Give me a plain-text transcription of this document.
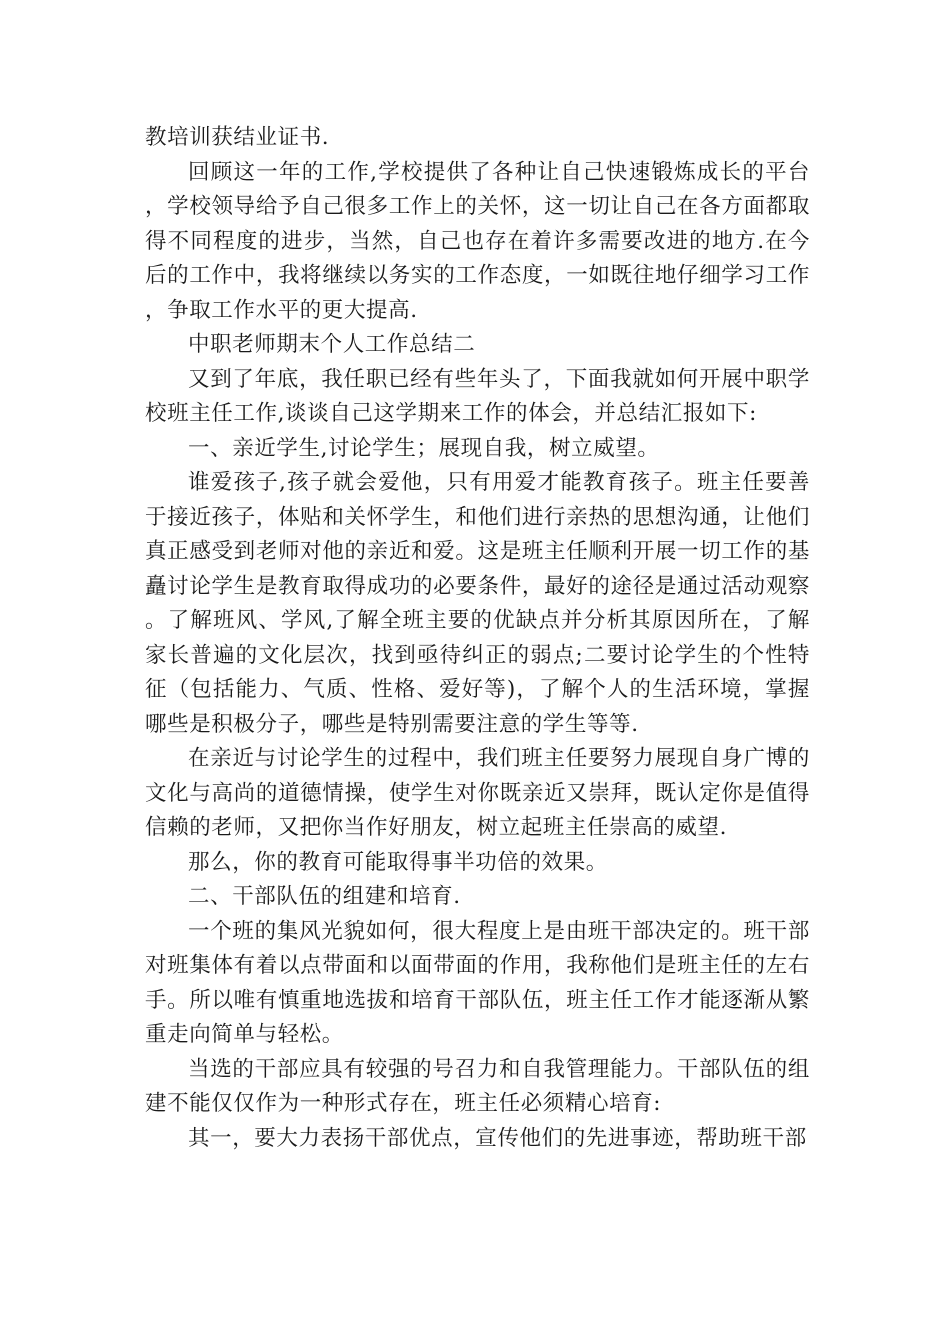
教培训获结业证书.

回顾这一年的工作,学校提供了各种让自己快速锻炼成长的平台，学校领导给予自己很多工作上的关怀，这一切让自己在各方面都取得不同程度的进步，当然，自己也存在着许多需要改进的地方.在今后的工作中，我将继续以务实的工作态度，一如既往地仔细学习工作，争取工作水平的更大提高.

中职老师期末个人工作总结二

又到了年底，我任职已经有些年头了，下面我就如何开展中职学校班主任工作,谈谈自己这学期来工作的体会，并总结汇报如下:

一、亲近学生,讨论学生；展现自我，树立威望。

谁爱孩子,孩子就会爱他，只有用爱才能教育孩子。班主任要善于接近孩子，体贴和关怀学生，和他们进行亲热的思想沟通，让他们真正感受到老师对他的亲近和爱。这是班主任顺利开展一切工作的基矗讨论学生是教育取得成功的必要条件，最好的途径是通过活动观察。了解班风、学风,了解全班主要的优缺点并分析其原因所在，了解家长普遍的文化层次，找到亟待纠正的弱点;二要讨论学生的个性特征（包括能力、气质、性格、爱好等)，了解个人的生活环境，掌握哪些是积极分子，哪些是特别需要注意的学生等等.

在亲近与讨论学生的过程中，我们班主任要努力展现自身广博的文化与高尚的道德情操，使学生对你既亲近又崇拜，既认定你是值得信赖的老师，又把你当作好朋友，树立起班主任崇高的威望.

那么，你的教育可能取得事半功倍的效果。

二、干部队伍的组建和培育.

一个班的集风光貌如何，很大程度上是由班干部决定的。班干部对班集体有着以点带面和以面带面的作用，我称他们是班主任的左右手。所以唯有慎重地选拔和培育干部队伍，班主任工作才能逐渐从繁重走向简单与轻松。

当选的干部应具有较强的号召力和自我管理能力。干部队伍的组建不能仅仅作为一种形式存在，班主任必须精心培育:

其一，要大力表扬干部优点，宣传他们的先进事迹，帮助班干部
